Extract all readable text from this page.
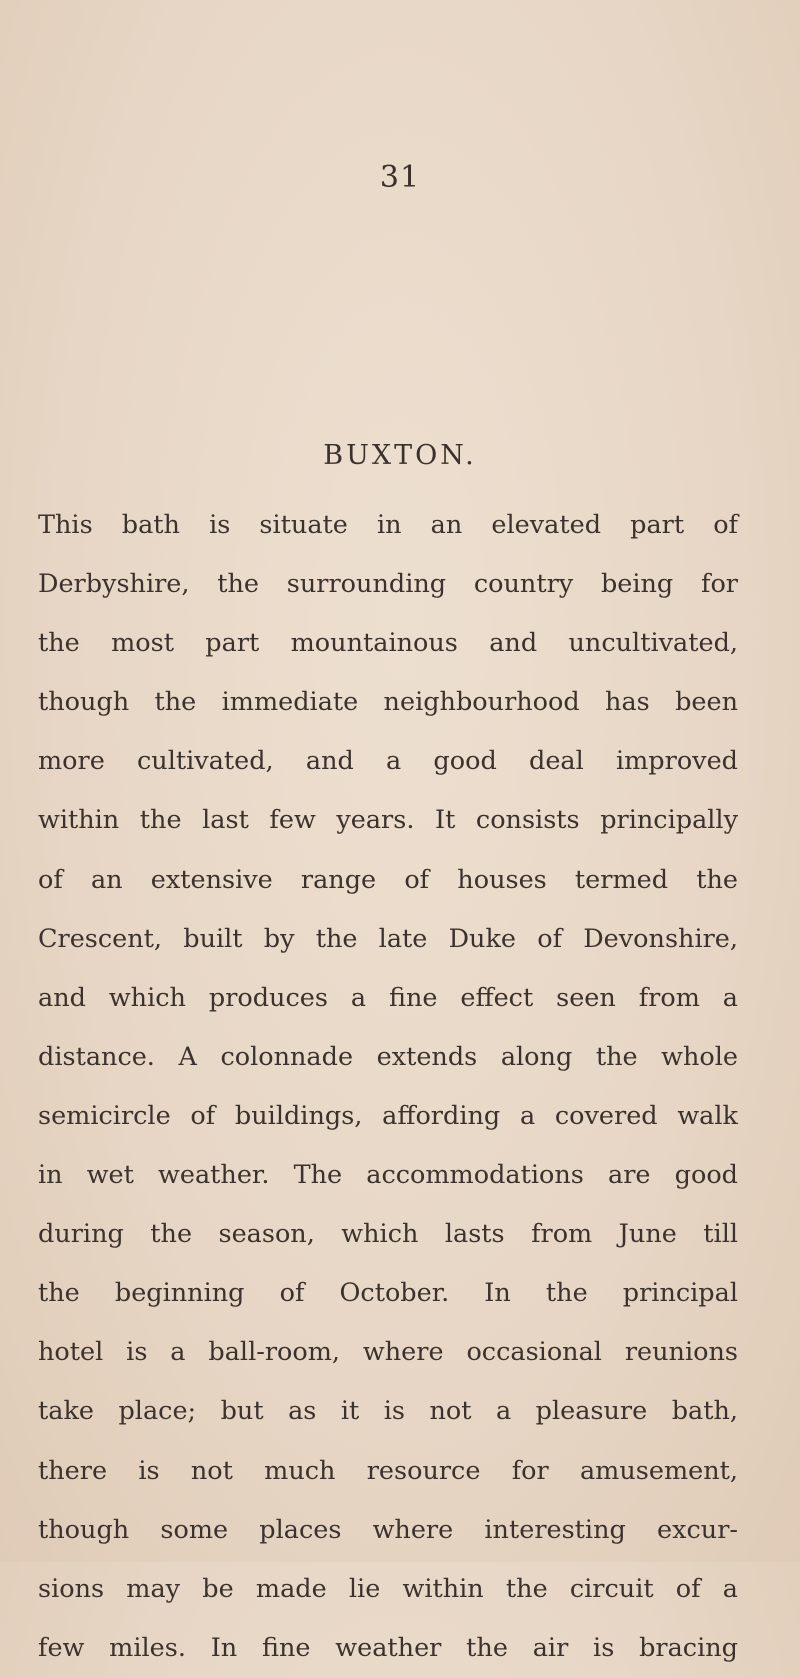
31
BUXTON.
This bath is situate in an elevated part of
Derbyshire, the surrounding country being for
the most part mountainous and uncultivated,
though the immediate neighbourhood has been
more cultivated, and a good deal improved
within the last few years. It consists principally
of an extensive range of houses termed the
Crescent, built by the late Duke of Devonshire,
and which produces a fine effect seen from a
distance. A colonnade extends along the whole
semicircle of buildings, affording a covered walk
in wet weather. The accommodations are good
during the season, which lasts from June till
the beginning of October. In the principal
hotel is a ball-room, where occasional reunions
take place; but as it is not a pleasure bath,
there is not much resource for amusement,
though some places where interesting excur-
sions may be made lie within the circuit of a
few miles. In fine weather the air is bracing
